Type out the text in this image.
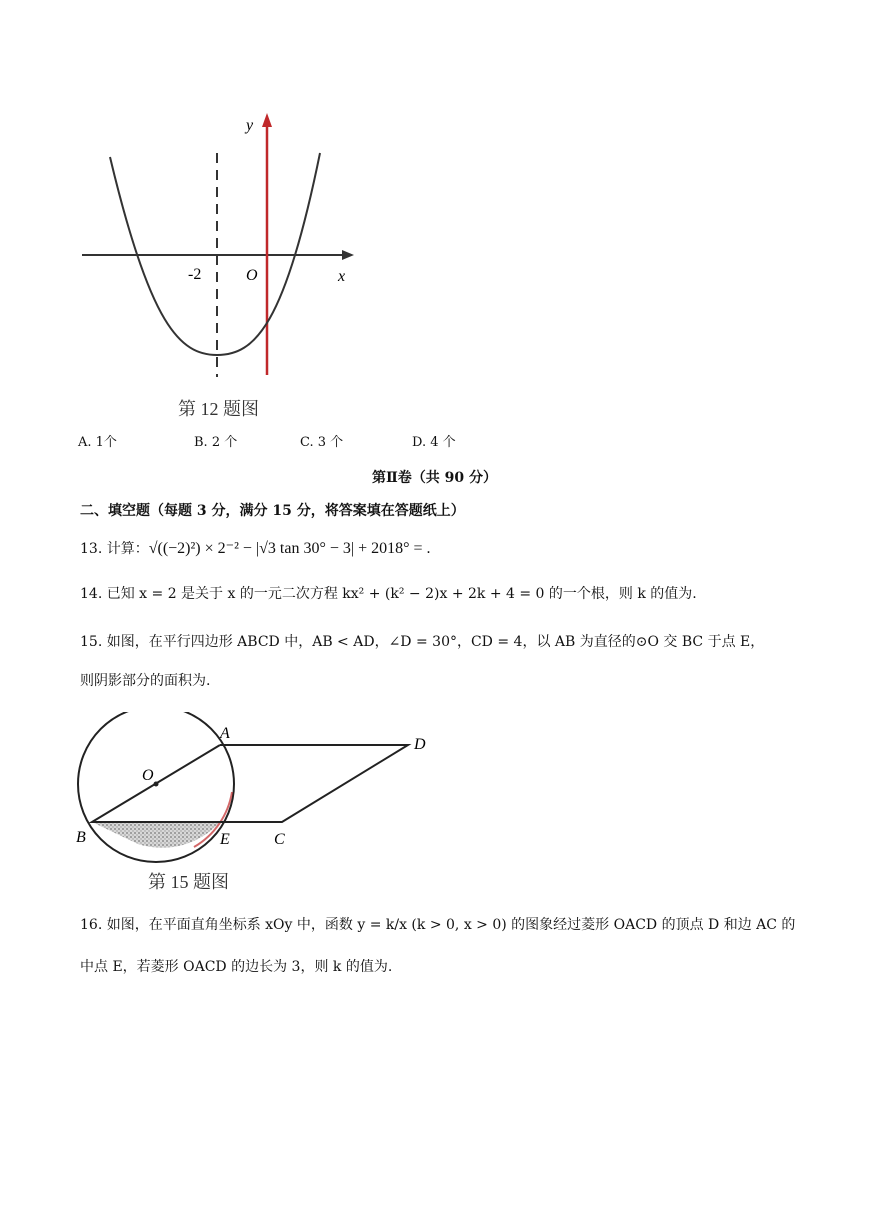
y
x
-2	O
第 12 题图
A. 1个	B. 2 个	C. 3 个	D. 4 个
第Ⅱ卷（共 90 分）
二、填空题（每题 3 分，满分 15 分，将答案填在答题纸上）
13. 计算：√((−2)²) × 2⁻² − |√3 tan 30° − 3| + 2018° = .
14. 已知 x = 2 是关于 x 的一元二次方程 kx² + (k² − 2)x + 2k + 4 = 0 的一个根，则 k 的值为.
15. 如图，在平行四边形 ABCD 中，AB < AD，∠D = 30°，CD = 4，以 AB 为直径的⊙O 交 BC 于点 E，
则阴影部分的面积为.
A
D
O
B	E	C
第 15 题图
16. 如图，在平面直角坐标系 xOy 中，函数 y = k/x (k > 0, x > 0) 的图象经过菱形 OACD 的顶点 D 和边 AC 的
中点 E，若菱形 OACD 的边长为 3，则 k 的值为.
